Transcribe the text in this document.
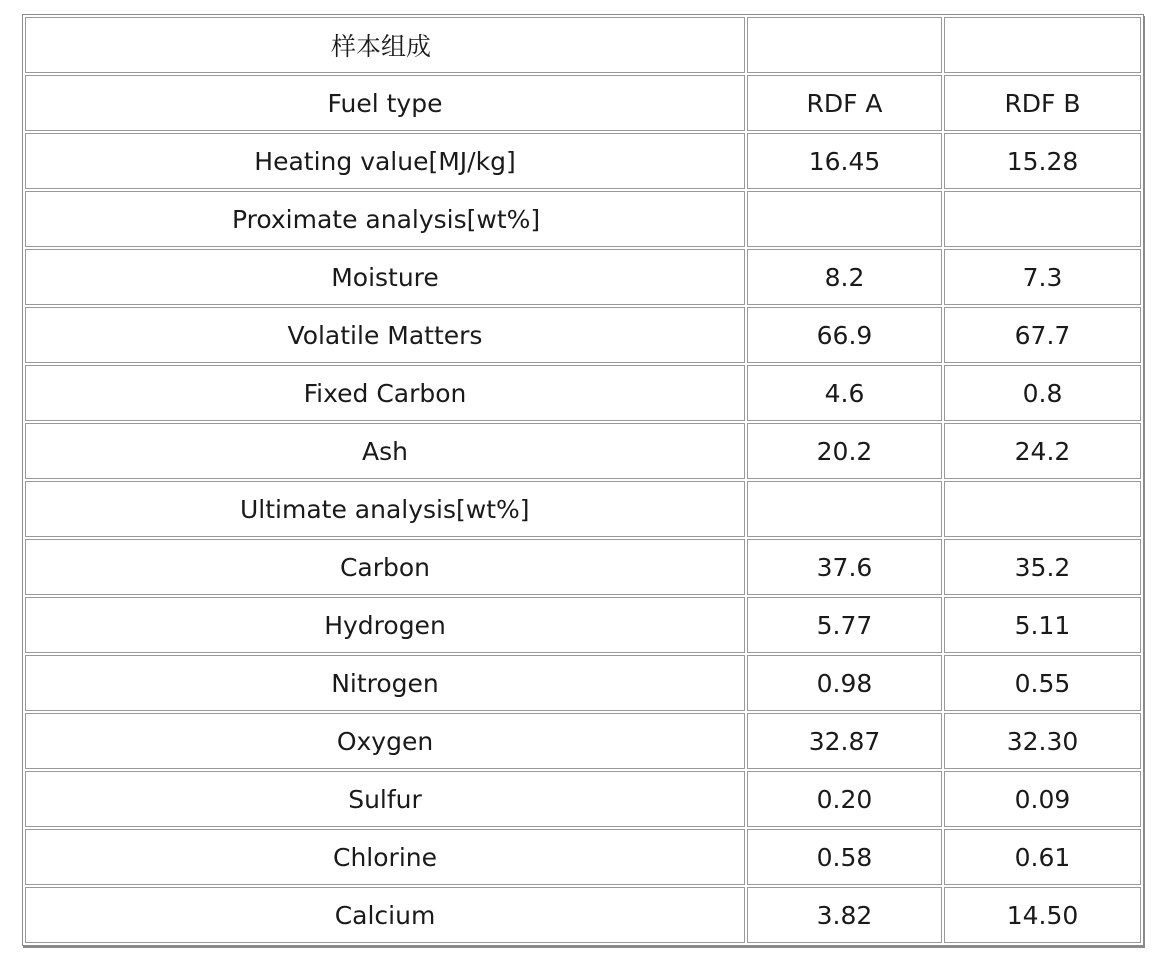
样本组成		
Fuel type	RDF A	RDF B
Heating value[MJ/kg]	16.45	15.28
Proximate analysis[wt%]		
Moisture	8.2	7.3
Volatile Matters	66.9	67.7
Fixed Carbon	4.6	0.8
Ash	20.2	24.2
Ultimate analysis[wt%]		
Carbon	37.6	35.2
Hydrogen	5.77	5.11
Nitrogen	0.98	0.55
Oxygen	32.87	32.30
Sulfur	0.20	0.09
Chlorine	0.58	0.61
Calcium	3.82	14.50
